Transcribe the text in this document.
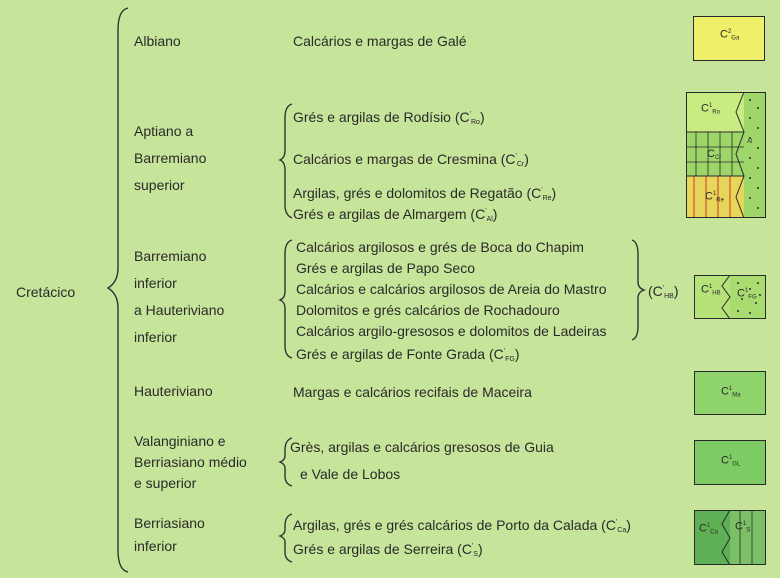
Cretácico
Albiano
Aptiano a
Barremiano
superior
Barremiano
inferior
a Hauteriviano
inferior
Hauteriviano
Valanginiano e
Berriasiano médio
e superior
Berriasiano
inferior
Calcários e margas de Galé
Grés e argilas de Rodísio $(C'_{Ro})$
Calcários e margas de Cresmina $(C'_{Cr})$
Argilas, grés e dolomitos de Regatão $(C'_{Re})$
Grés e argilas de Almargem $(C'_{Al})$
Calcários argilosos e grés de Boca do Chapim
Grés e argilas de Papo Seco
Calcários e calcários argilosos de Areia do Mastro
Dolomitos e grés calcários de Rochadouro
Calcários argilo-gresosos e dolomitos de Ladeiras
Grés e argilas de Fonte Grada $(C'_{FG})$
$(C'_{HB})$
Margas e calcários recifais de Maceira
Grès, argilas e calcários gresosos de Guia
e Vale de Lobos
Argilas, grés e grés calcários de Porto da Calada $(C'_{Ca})$
Grés e argilas de Serreira $(C'_S)$
$C^2Ga$
$C^1Ro$
CCr
$C^1Re$
Al
$C^1HB$ $C^1FG$
$C^1Ma$
$C^1GL$
$C^1Ca$ $C^1S$
